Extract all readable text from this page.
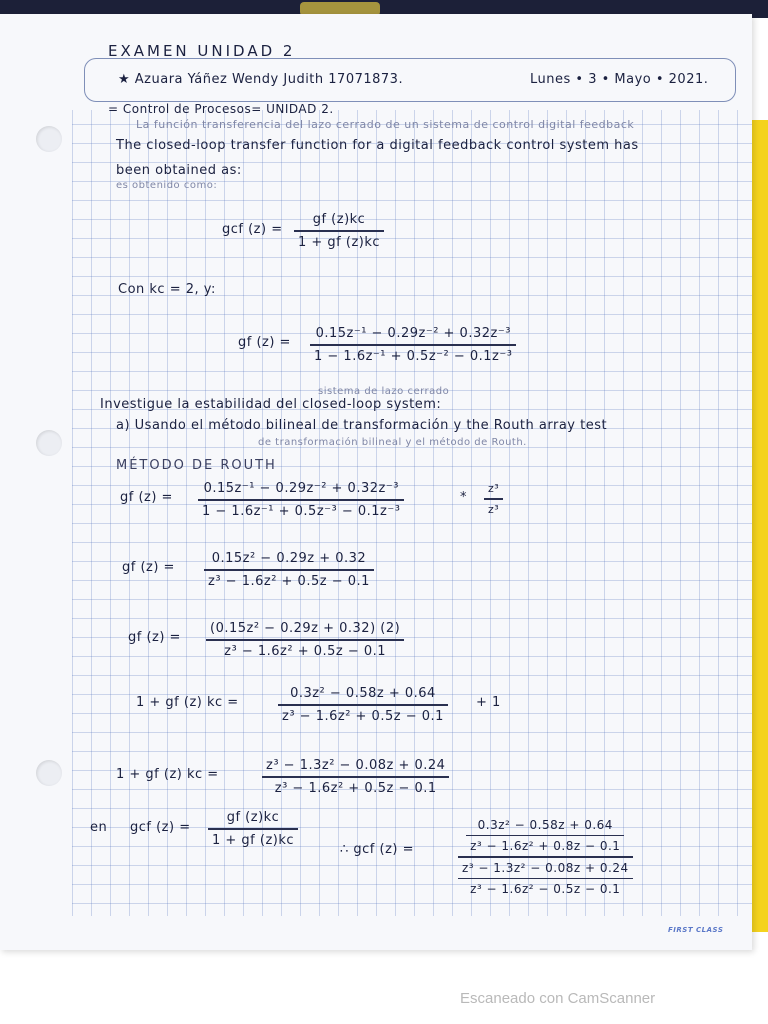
EXAMEN UNIDAD 2
★ Azuara Yáñez Wendy Judith 17071873.	Lunes • 3 • Mayo • 2021.
= Control de Procesos= UNIDAD 2.
La función transferencia del lazo cerrado de un sistema de control digital feedback
The closed-loop transfer function for a digital feedback control system has
been obtained as:
es obtenido como:
gcf (z) =
gf (z)kc
1 + gf (z)kc
Con kc = 2, y:
gf (z) =
0.15z⁻¹ − 0.29z⁻² + 0.32z⁻³
1 − 1.6z⁻¹ + 0.5z⁻² − 0.1z⁻³
sistema de lazo cerrado
Investigue la estabilidad del closed-loop system:
a) Usando el método bilineal de transformación y the Routh array test
de transformación bilineal y el método de Routh.
MÉTODO DE ROUTH
gf (z) =
0.15z⁻¹ − 0.29z⁻² + 0.32z⁻³
1 − 1.6z⁻¹ + 0.5z⁻³ − 0.1z⁻³
*
z³
z³
gf (z) =
0.15z² − 0.29z + 0.32
z³ − 1.6z² + 0.5z − 0.1
gf (z) =
(0.15z² − 0.29z + 0.32) (2)
z³ − 1.6z² + 0.5z − 0.1
1 + gf (z) kc =
0.3z² − 0.58z + 0.64
z³ − 1.6z² + 0.5z − 0.1
+ 1
1 + gf (z) kc =
z³ − 1.3z² − 0.08z + 0.24
z³ − 1.6z² + 0.5z − 0.1
en gcf (z) =
gf (z)kc
1 + gf (z)kc
∴ gcf (z) =	$\frac{\text{0.3z² − 0.58z + 0.64}}{\text{z³ − 1.6z² + 0.8z − 0.1}}$
$\frac{\text{z³ − 1.3z² − 0.08z + 0.24}}{\text{z³ − 1.6z² − 0.5z − 0.1}}$
FIRST CLASS
Escaneado con CamScanner
